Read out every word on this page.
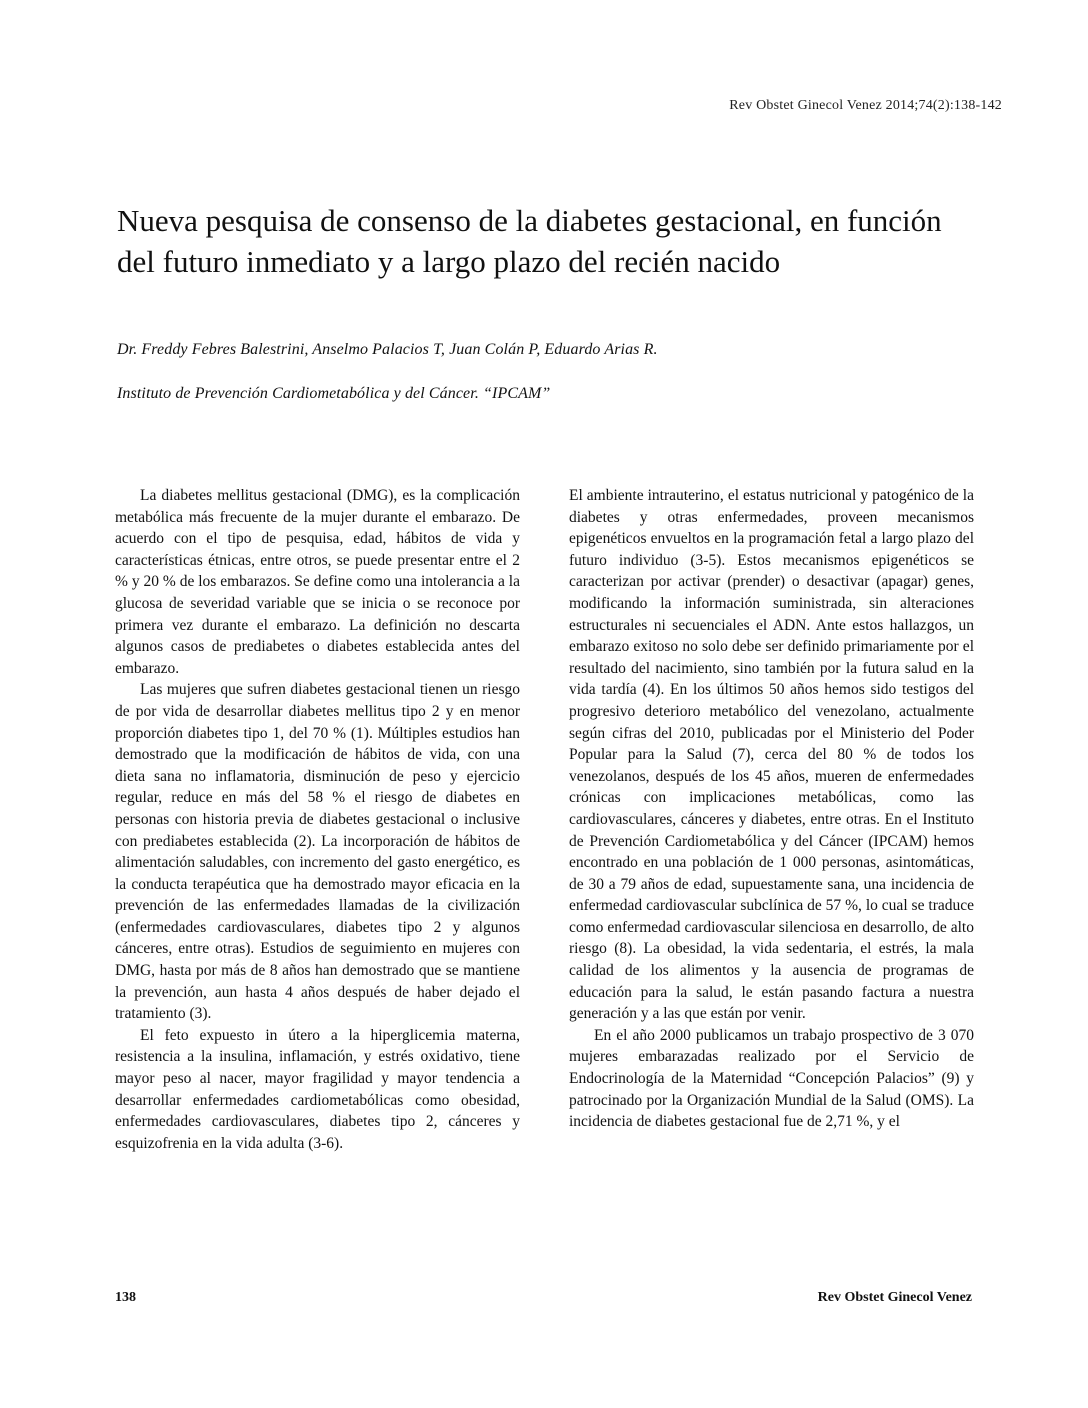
Rev Obstet Ginecol Venez 2014;74(2):138-142
Nueva pesquisa de consenso de la diabetes gestacional, en función del futuro inmediato y a largo plazo del recién nacido
Dr. Freddy Febres Balestrini, Anselmo Palacios T, Juan Colán P, Eduardo Arias R.
Instituto de Prevención Cardiometabólica y del Cáncer. “IPCAM”

La diabetes mellitus gestacional (DMG), es la complicación metabólica más frecuente de la mujer durante el embarazo. De acuerdo con el tipo de pesquisa, edad, hábitos de vida y características étnicas, entre otros, se puede presentar entre el 2 % y 20 % de los embarazos. Se define como una intolerancia a la glucosa de severidad variable que se inicia o se reconoce por primera vez durante el embarazo. La definición no descarta algunos casos de prediabetes o diabetes establecida antes del embarazo.

Las mujeres que sufren diabetes gestacional tienen un riesgo de por vida de desarrollar diabetes mellitus tipo 2 y en menor proporción diabetes tipo 1, del 70 % (1). Múltiples estudios han demostrado que la modificación de hábitos de vida, con una dieta sana no inflamatoria, disminución de peso y ejercicio regular, reduce en más del 58 % el riesgo de diabetes en personas con historia previa de diabetes gestacional o inclusive con prediabetes establecida (2). La incorporación de hábitos de alimentación saludables, con incremento del gasto energético, es la conducta terapéutica que ha demostrado mayor eficacia en la prevención de las enfermedades llamadas de la civilización (enfermedades cardiovasculares, diabetes tipo 2 y algunos cánceres, entre otras). Estudios de seguimiento en mujeres con DMG, hasta por más de 8 años han demostrado que se mantiene la prevención, aun hasta 4 años después de haber dejado el tratamiento (3).

El feto expuesto in útero a la hiperglicemia materna, resistencia a la insulina, inflamación, y estrés oxidativo, tiene mayor peso al nacer, mayor fragilidad y mayor tendencia a desarrollar enfermedades cardiometabólicas como obesidad, enfermedades cardiovasculares, diabetes tipo 2, cánceres y esquizofrenia en la vida adulta (3-6).

El ambiente intrauterino, el estatus nutricional y patogénico de la diabetes y otras enfermedades, proveen mecanismos epigenéticos envueltos en la programación fetal a largo plazo del futuro individuo (3-5). Estos mecanismos epigenéticos se caracterizan por activar (prender) o desactivar (apagar) genes, modificando la información suministrada, sin alteraciones estructurales ni secuenciales el ADN. Ante estos hallazgos, un embarazo exitoso no solo debe ser definido primariamente por el resultado del nacimiento, sino también por la futura salud en la vida tardía (4). En los últimos 50 años hemos sido testigos del progresivo deterioro metabólico del venezolano, actualmente según cifras del 2010, publicadas por el Ministerio del Poder Popular para la Salud (7), cerca del 80 % de todos los venezolanos, después de los 45 años, mueren de enfermedades crónicas con implicaciones metabólicas, como las cardiovasculares, cánceres y diabetes, entre otras. En el Instituto de Prevención Cardiometabólica y del Cáncer (IPCAM) hemos encontrado en una población de 1 000 personas, asintomáticas, de 30 a 79 años de edad, supuestamente sana, una incidencia de enfermedad cardiovascular subclínica de 57 %, lo cual se traduce como enfermedad cardiovascular silenciosa en desarrollo, de alto riesgo (8). La obesidad, la vida sedentaria, el estrés, la mala calidad de los alimentos y la ausencia de programas de educación para la salud, le están pasando factura a nuestra generación y a las que están por venir.

En el año 2000 publicamos un trabajo prospectivo de 3 070 mujeres embarazadas realizado por el Servicio de Endocrinología de la Maternidad “Concepción Palacios” (9) y patrocinado por la Organización Mundial de la Salud (OMS). La incidencia de diabetes gestacional fue de 2,71 %, y el

138	Rev Obstet Ginecol Venez
